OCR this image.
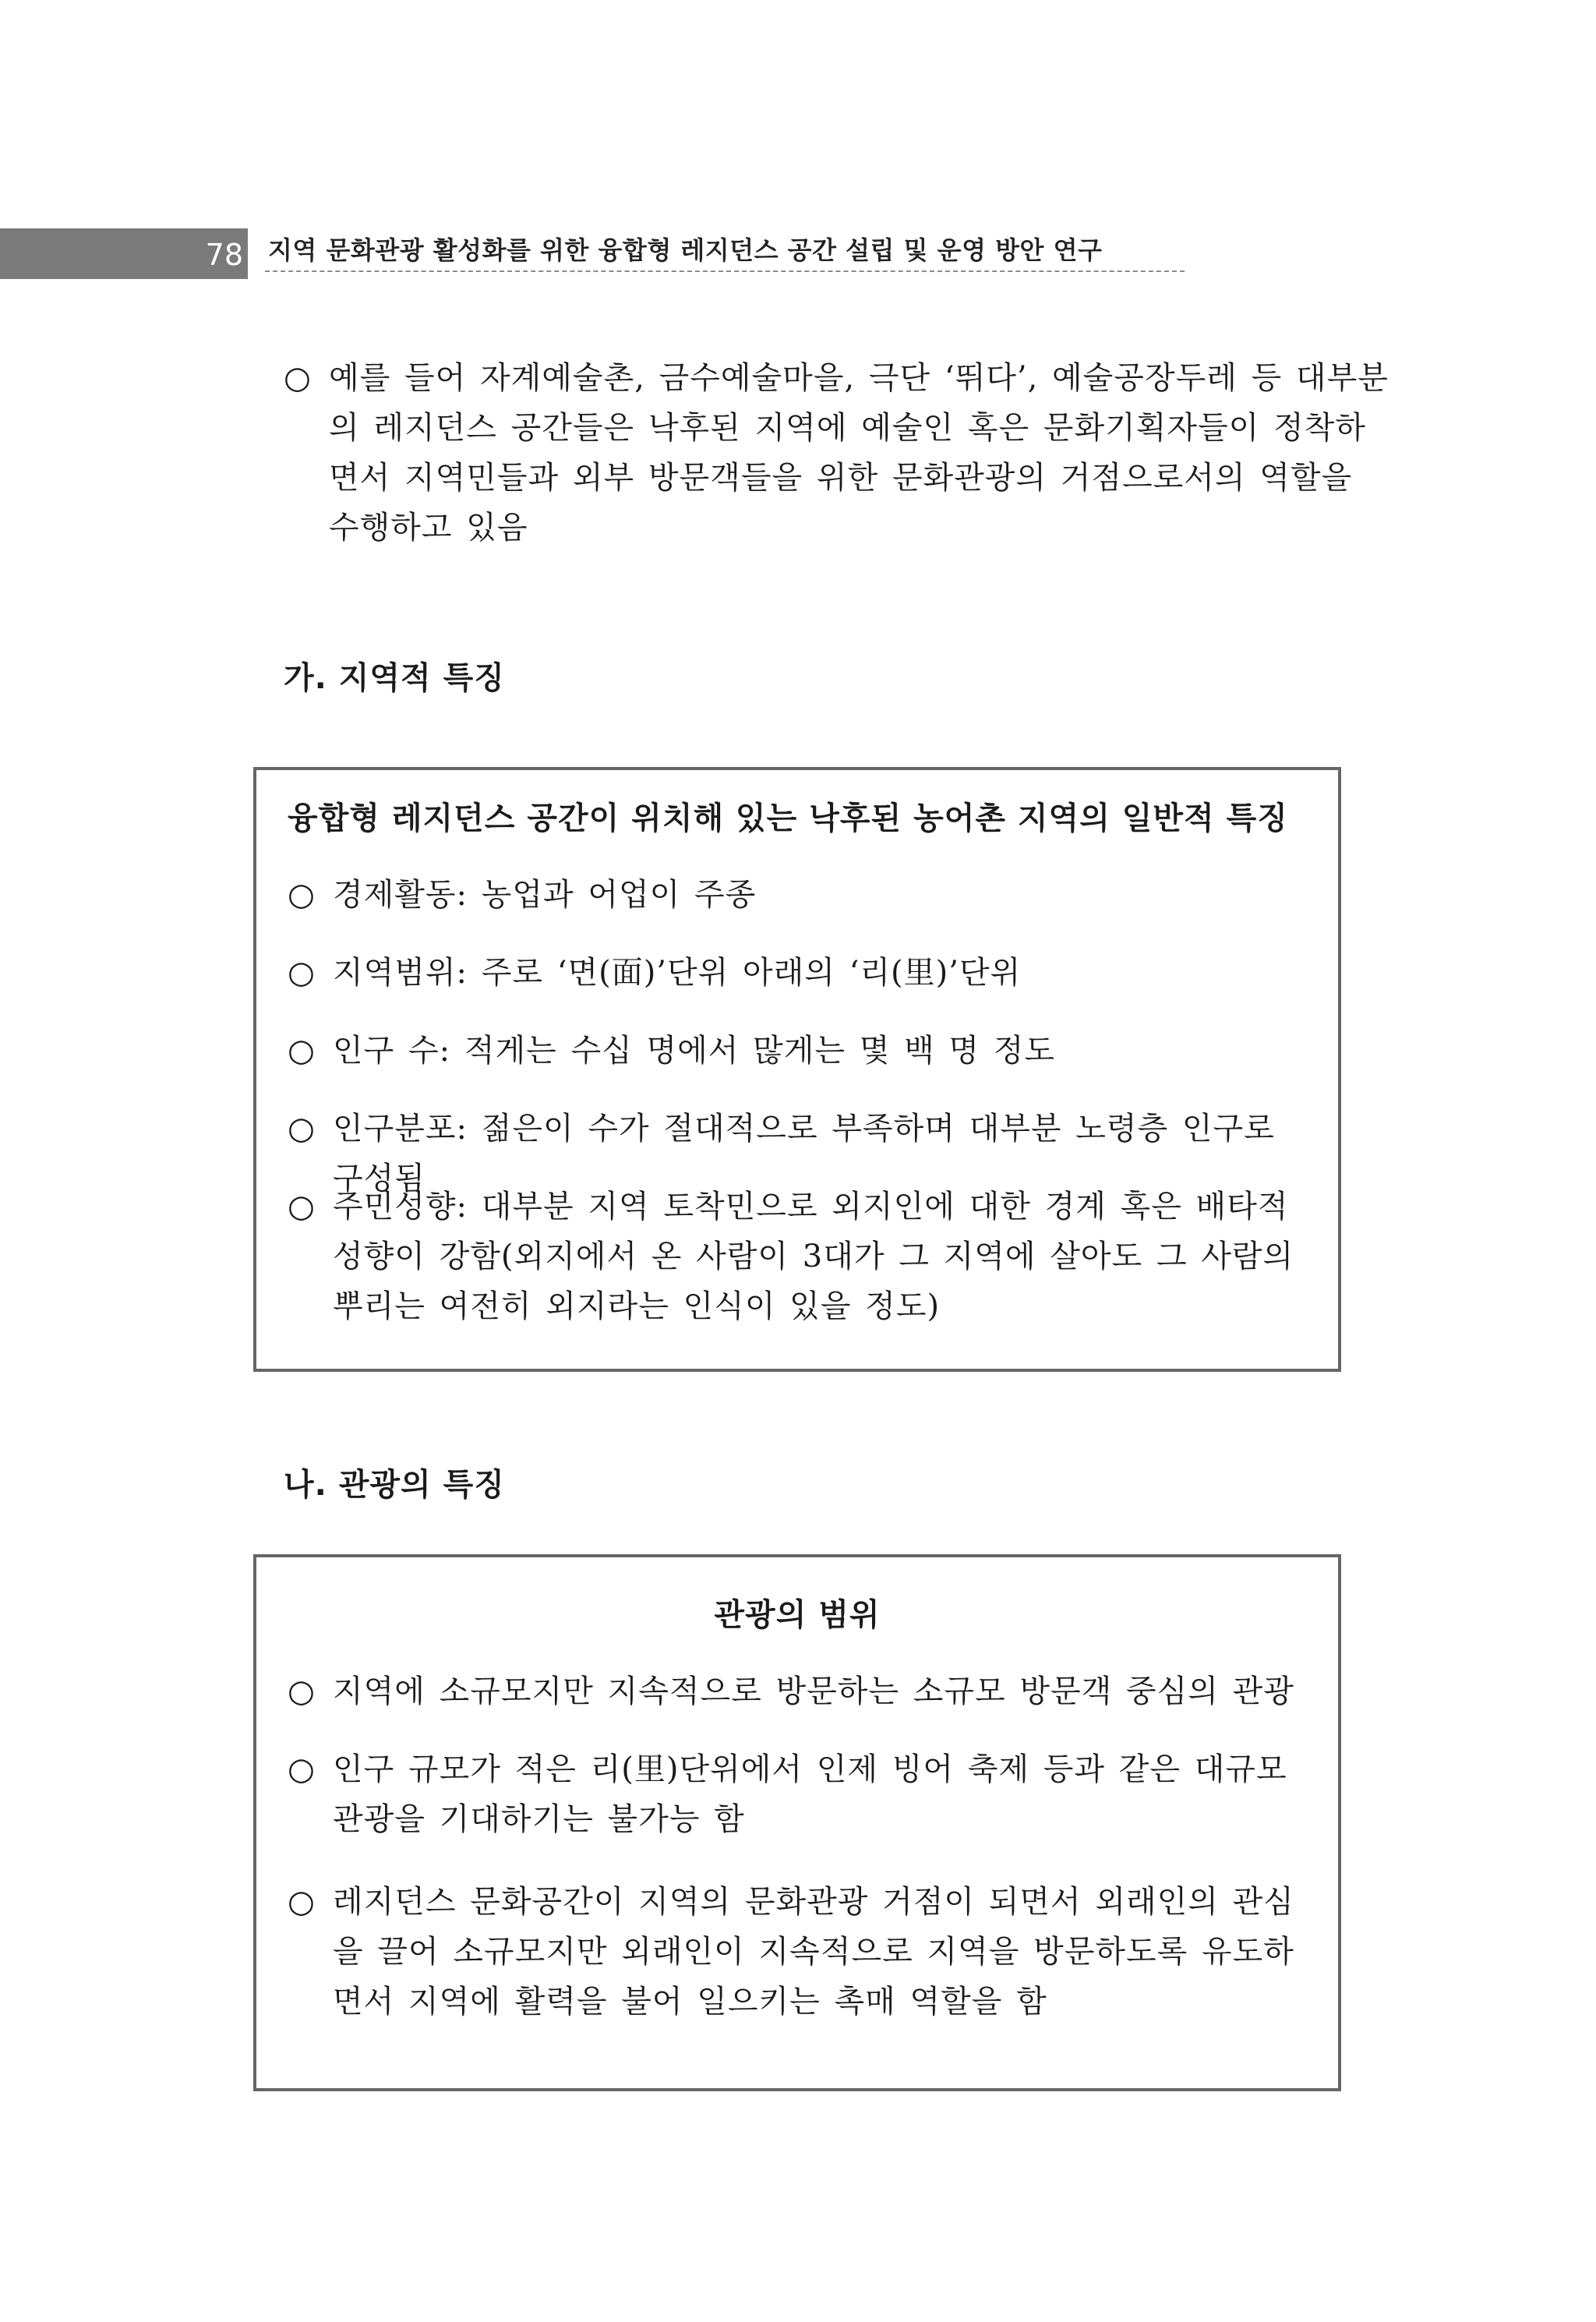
78 지역 문화관광 활성화를 위한 융합형 레지던스 공간 설립 및 운영 방안 연구
○ 예를 들어 자계예술촌, 금수예술마을, 극단 ‘뛰다’, 예술공장두레 등 대부분의 레지던스 공간들은 낙후된 지역에 예술인 혹은 문화기획자들이 정착하면서 지역민들과 외부 방문객들을 위한 문화관광의 거점으로서의 역할을 수행하고 있음
가. 지역적 특징
융합형 레지던스 공간이 위치해 있는 낙후된 농어촌 지역의 일반적 특징
○ 경제활동: 농업과 어업이 주종
○ 지역범위: 주로 ‘면(面)’단위 아래의 ‘리(里)’단위
○ 인구 수: 적게는 수십 명에서 많게는 몇 백 명 정도
○ 인구분포: 젊은이 수가 절대적으로 부족하며 대부분 노령층 인구로 구성됨
○ 주민성향: 대부분 지역 토착민으로 외지인에 대한 경계 혹은 배타적 성향이 강함(외지에서 온 사람이 3대가 그 지역에 살아도 그 사람의 뿌리는 여전히 외지라는 인식이 있을 정도)
나. 관광의 특징
관광의 범위
○ 지역에 소규모지만 지속적으로 방문하는 소규모 방문객 중심의 관광
○ 인구 규모가 적은 리(里)단위에서 인제 빙어 축제 등과 같은 대규모 관광을 기대하기는 불가능 함
○ 레지던스 문화공간이 지역의 문화관광 거점이 되면서 외래인의 관심을 끌어 소규모지만 외래인이 지속적으로 지역을 방문하도록 유도하면서 지역에 활력을 불어 일으키는 촉매 역할을 함
